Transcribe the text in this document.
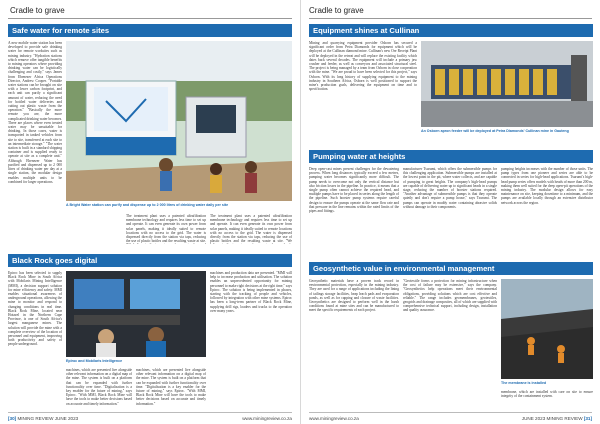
Cradle to grave
Safe water for remote sites
A new mobile water station has been developed to provide safe drinking water for remote worksites such as mining industry. "Hydration stations which remove offer tangible benefits to mining operators where providing drinking water can be logistically challenging and costly," says James from Ebenezer Africa Operations Director, Andrew Cooper. "Portable water stations can be brought on site with a lower carbon footprint, and each unit can purify a significant amount of water, reducing the need for bottled water deliveries and cutting out plastic waste from the operation." "Basically the more remote you are, the more complicated drinking water becomes. There are places where even treated water may be unsuitable for drinking. In those cases, water is transported in tanked vehicles from site to site, transferred at each site to an intermediate storage." "The water station is built in a standard shipping container and is supplied ready to operate at site as a complete unit." Although Ebenezer Water has purified and dispensed up to 2 000 litres of drinking water per day at a single station, the modular design enables multiple units to be combined for larger operations.
A Bright Water station can purify and dispense up to 2 000 litres of drinking water daily per site
The treatment plant uses a patented ultrafiltration membrane technology and requires less time to set up and operate. It can even generate its own power from solar panels, making it ideally suited to remote locations with no access to the grid. The water is dispensed directly from the station via taps, reducing the use of plastic bottles and the resulting waste at site.
The treatment plant uses a patented ultrafiltration membrane technology and requires less time to set up and operate. It can even generate its own power from solar panels, making it ideally suited to remote locations with no access to the grid. The water is dispensed directly from the station via taps, reducing the use of plastic bottles and the resulting waste at site. "We
Black Rock goes digital
Epiroc has been selected to supply Black Rock Mine in South Africa with Mobilaris Mining Intelligence (MMI), a decision support solution for mine efficiency and safety. MMI enables situational awareness of underground operations, allowing the mine to monitor and respond to changing conditions in real time. Black Rock Mine, located near Hotazel in the Northern Cape Province, is one of South Africa's largest manganese mines. The solution will provide the mine with a complete overview of the location of personnel and equipment, improving both productivity and safety of people underground.
Epiroc and Mobilaris Intelligence
machines, which are presented live alongside other relevant information on a digital map of the mine. The system is built on a platform that can be expanded with further functionality over time. "Digitalisation is a key enabler for the future of mining," says Epiroc. "With MMI, Black Rock Mine will have the tools to make better decisions based on accurate and timely information."
machines, which are presented live alongside other relevant information on a digital map of the mine. The system is built on a platform that can be expanded with further functionality over time. "Digitalisation is a key enabler for the future of mining," says Epiroc. "With MMI, Black Rock Mine will have the tools to make better decisions based on accurate and timely information."
machines and production data are presented. "MMI will help to increase production and utilisation. The solution enables an unprecedented opportunity for mining personnel to make right decisions at the right time," says Epiroc. The solution is being implemented in phases, starting with the tracking of people and vehicles, followed by integration with other mine systems. Epiroc has been a long-term partner of Black Rock Mine, supplying drill rigs, loaders and trucks to the operation over many years.
[30] MINING REVIEW JUNE 2023	www.miningreview.co.za
Cradle to grave
Equipment shines at Cullinan
Mining and quarrying equipment provider Osborn has secured a significant order from Petra Diamonds for equipment which will be deployed at the Cullinan diamond mine. Cullinan's new Ore Receipt Plant will be deployed in the retreat and will replace the existing facility which dates back several decades. The equipment will include a primary jaw crusher and feeder, as well as conveyors and associated structural steel. The project is being managed by a team from Osborn in close cooperation with the mine. "We are proud to have been selected for this project," says Osborn. With its long history of supplying equipment to the mining industry in Southern Africa, Osborn is well positioned to support the mine's production goals, delivering the equipment on time and to specification.
An Osborn apron feeder will be deployed at Petra Diamonds' Cullinan mine in Gauteng
Pumping water at heights
Deep open-cast mines present challenges for the dewatering process. When long distances typically exceed a few metres, pumping water becomes significantly more difficult. The pump needs to overcome not only the vertical distance but also friction losses in the pipeline. In practice, it means that a single pump often cannot achieve the required head, and multiple pumps have to be placed in series along the length of the pipeline. Such booster pump systems require careful design to ensure the pumps operate at the same flow rate and that pressure in the line remains within the rated limits of the pipes and fittings.
manufacturer Tsurumi, which offers the submersible pumps for this challenging application. Submersible pumps are installed at the lowest point in the pit, where water collects, and are capable of pumping to great heights. The company's high-head pumps are capable of delivering water up to significant heads in a single stage, reducing the number of booster stations required. "Another advantage of submersible pumps is that they operate quietly and don't require a pump house," says Tsurumi. The pumps can operate in muddy water containing abrasive solids without damage to their components.
pumping heights increases with the number of those units. The pump types from one pioneer and series are able to be connected in series for high-head applications. Tsurumi's high-head pump series offers models with heads of more than 200 m, making them well suited for the deep open-pit operations of the mining industry. The modular design allows for easy maintenance on site, keeping downtime to a minimum, and the pumps are available locally through an extensive distributor network across the region.
Geosynthetic value in environmental management
Geosynthetic materials have a proven track record in environmental protection, especially in the mining industry. They are used for a range of applications including the lining of tailings storage facilities, heap leach pads and evaporation ponds, as well as for capping and closure of waste facilities. Geosynthetics are designed to perform well in the harsh conditions found at mine sites and can be manufactured to meet the specific requirements of each project.
"Geotextile forms a protection for mining infrastructure when the cost of failure may be extensive," says the company. "Geosynthetics help operations meet their environmental obligations, providing solutions which are cost effective and reliable." The range includes geomembranes, geotextiles, geogrids and drainage composites, all of which are supplied with comprehensive technical support, including design, installation and quality assurance.
The membrane is installed
membrane, which are installed with care on site to ensure integrity of the containment system.
www.miningreview.co.za	JUNE 2023 MINING REVIEW [31]
